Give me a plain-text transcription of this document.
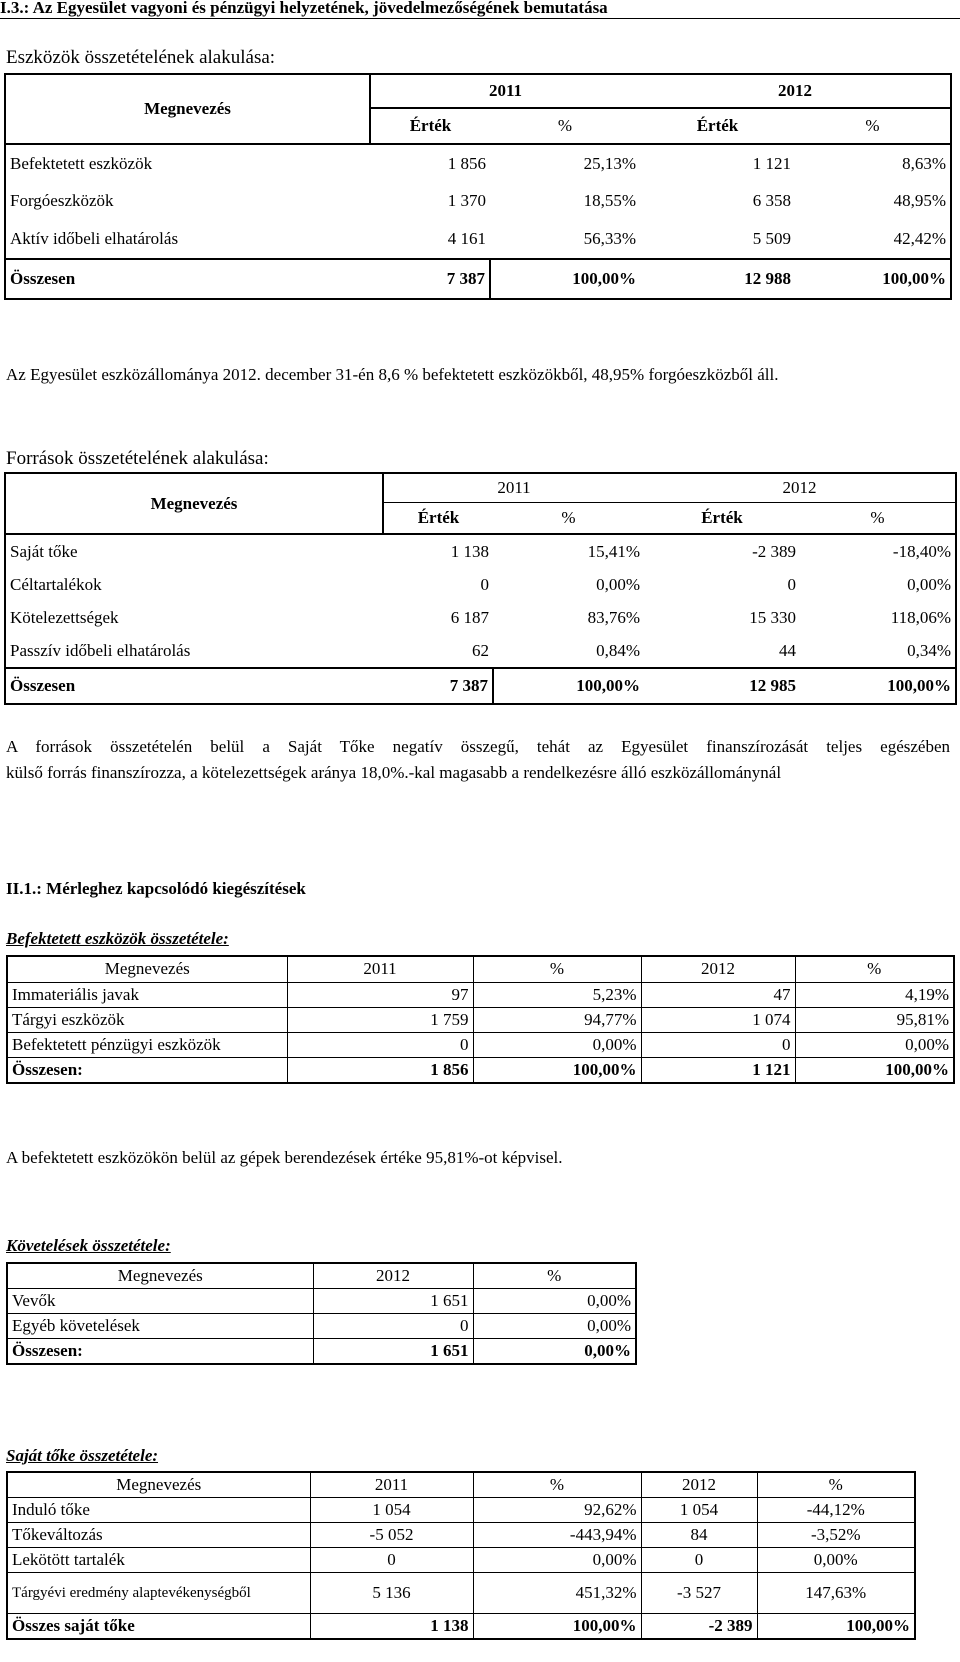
I.3.: Az Egyesület vagyoni és pénzügyi helyzetének, jövedelmezőségének bemutatása
Eszközök összetételének alakulása:
Megnevezés	2011		2012	
	Érték	%	Érték	%
Befektetett eszközök	1 856	25,13%	1 121	8,63%
Forgóeszközök	1 370	18,55%	6 358	48,95%
Aktív időbeli elhatárolás	4 161	56,33%	5 509	42,42%
Összesen	7 387	100,00%	12 988	100,00%
Az Egyesület eszközállománya 2012. december 31-én 8,6 % befektetett eszközökből, 48,95% forgóeszközből áll.
Források összetételének alakulása:
Megnevezés	2011		2012	
	Érték	%	Érték	%
Saját tőke	1 138	15,41%	-2 389	-18,40%
Céltartalékok	0	0,00%	0	0,00%
Kötelezettségek	6 187	83,76%	15 330	118,06%
Passzív időbeli elhatárolás	62	0,84%	44	0,34%
Összesen	7 387	100,00%	12 985	100,00%
A források összetételén belül a Saját Tőke negatív összegű, tehát az Egyesület finanszírozását teljes egészében
külső forrás finanszírozza, a kötelezettségek aránya 18,0%.-kal magasabb a rendelkezésre álló eszközállománynál
II.1.: Mérleghez kapcsolódó kiegészítések
Befektetett eszközök összetétele:
Megnevezés	2011	%	2012	%
Immateriális javak	97	5,23%	47	4,19%
Tárgyi eszközök	1 759	94,77%	1 074	95,81%
Befektetett pénzügyi eszközök	0	0,00%	0	0,00%
Összesen:	1 856	100,00%	1 121	100,00%
A befektetett eszközökön belül az gépek berendezések értéke 95,81%-ot képvisel.
Követelések összetétele:
Megnevezés	2012	%
Vevők	1 651	0,00%
Egyéb követelések	0	0,00%
Összesen:	1 651	0,00%
Saját tőke összetétele:
Megnevezés	2011	%	2012	%
Induló tőke	1 054	92,62%	1 054	-44,12%
Tőkeváltozás	-5 052	-443,94%	84	-3,52%
Lekötött tartalék	0	0,00%	0	0,00%
Tárgyévi eredmény alaptevékenységből	5 136	451,32%	-3 527	147,63%
Összes saját tőke	1 138	100,00%	-2 389	100,00%
